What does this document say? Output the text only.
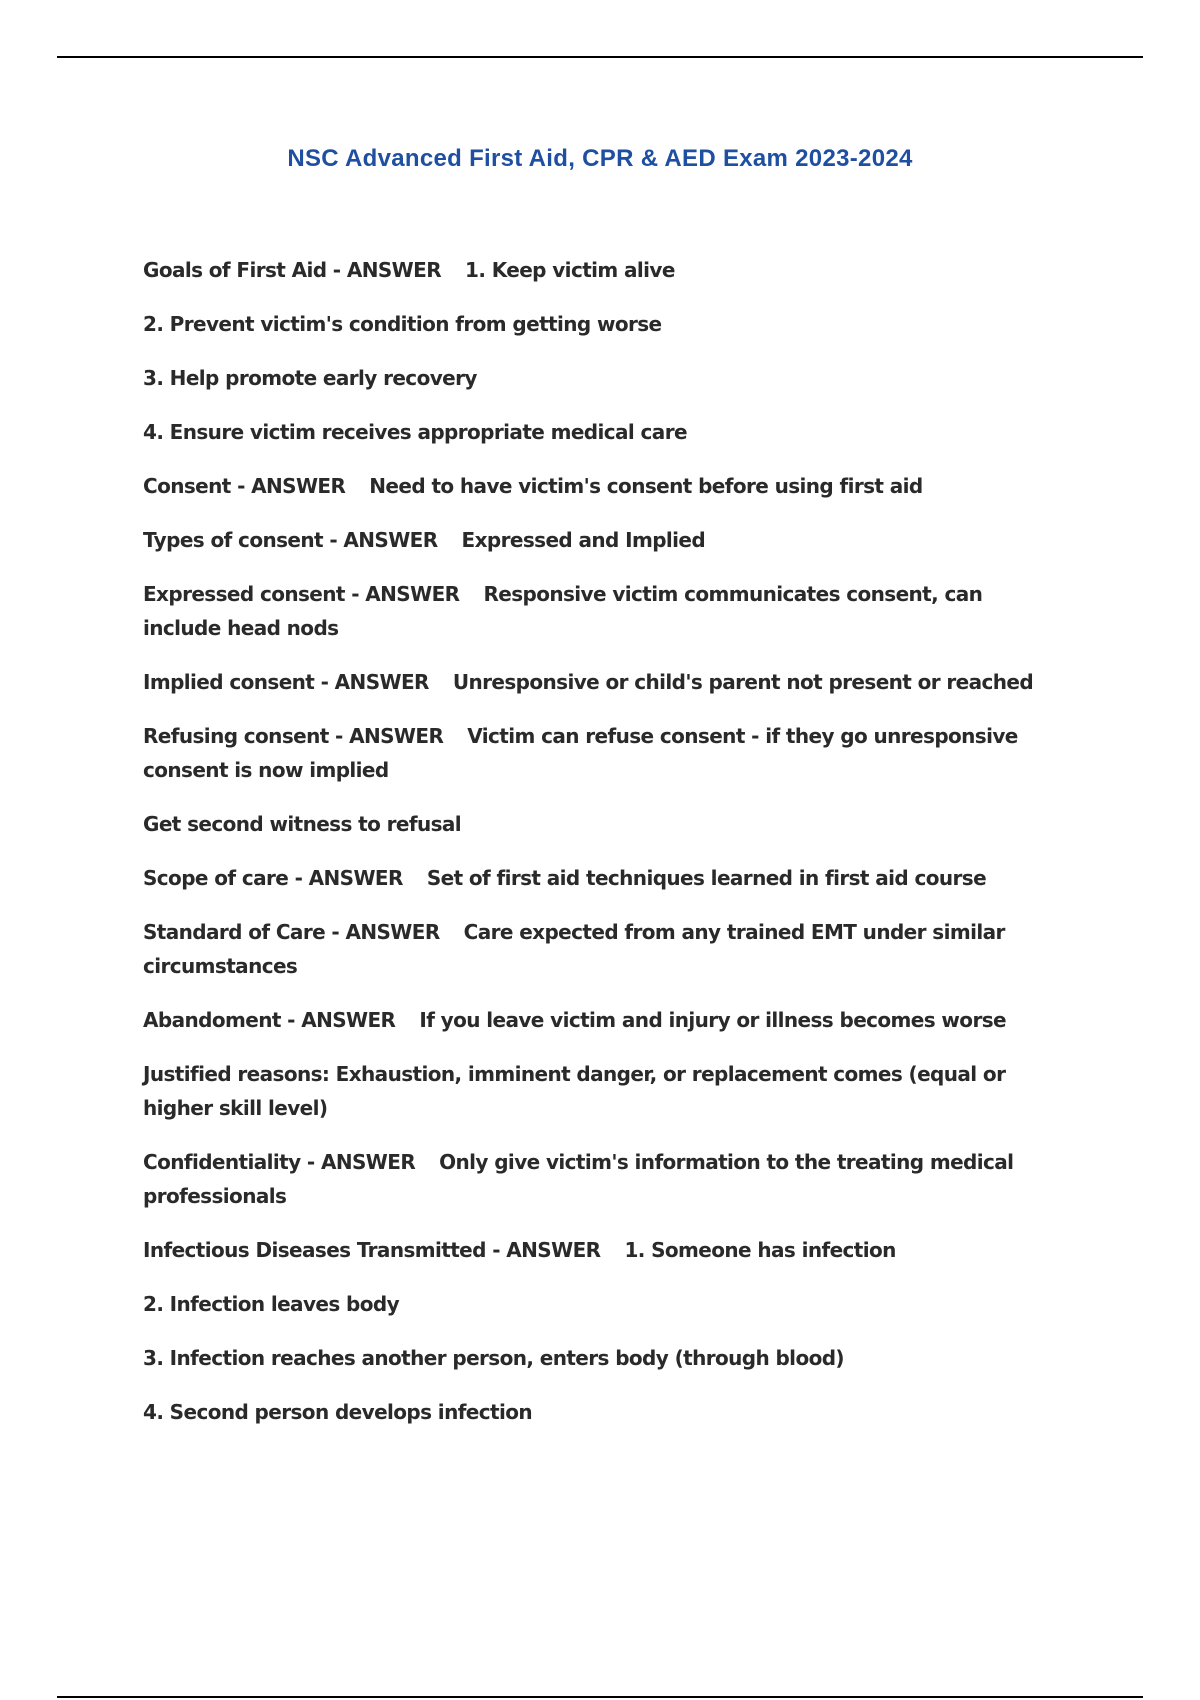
NSC Advanced First Aid, CPR & AED Exam 2023-2024

Goals of First Aid - ANSWER 1. Keep victim alive

2. Prevent victim's condition from getting worse

3. Help promote early recovery

4. Ensure victim receives appropriate medical care

Consent - ANSWER Need to have victim's consent before using first aid

Types of consent - ANSWER Expressed and Implied

Expressed consent - ANSWER Responsive victim communicates consent, can include head nods

Implied consent - ANSWER Unresponsive or child's parent not present or reached

Refusing consent - ANSWER Victim can refuse consent - if they go unresponsive consent is now implied

Get second witness to refusal

Scope of care - ANSWER Set of first aid techniques learned in first aid course

Standard of Care - ANSWER Care expected from any trained EMT under similar circumstances

Abandoment - ANSWER If you leave victim and injury or illness becomes worse

Justified reasons: Exhaustion, imminent danger, or replacement comes (equal or higher skill level)

Confidentiality - ANSWER Only give victim's information to the treating medical professionals

Infectious Diseases Transmitted - ANSWER 1. Someone has infection

2. Infection leaves body

3. Infection reaches another person, enters body (through blood)

4. Second person develops infection
